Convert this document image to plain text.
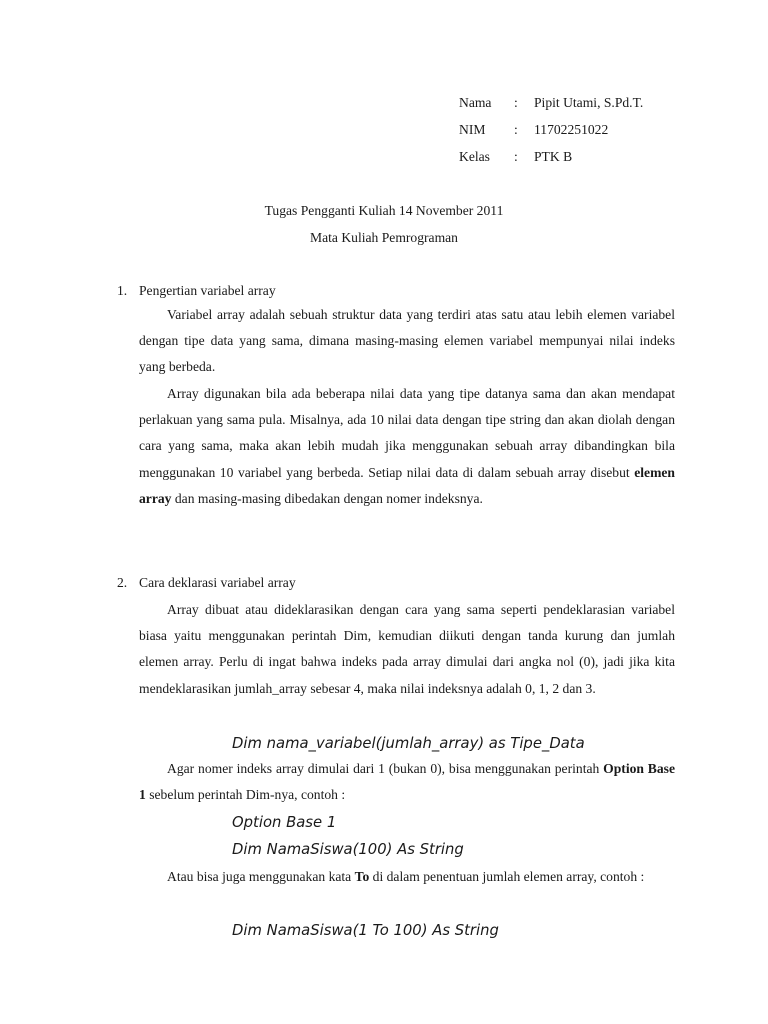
Nama : Pipit Utami, S.Pd.T.
NIM : 11702251022
Kelas : PTK B
Tugas Pengganti Kuliah 14 November 2011
Mata Kuliah Pemrograman
1. Pengertian variabel array

Variabel array adalah sebuah struktur data yang terdiri atas satu atau lebih elemen variabel dengan tipe data yang sama, dimana masing-masing elemen variabel mempunyai nilai indeks yang berbeda.

Array digunakan bila ada beberapa nilai data yang tipe datanya sama dan akan mendapat perlakuan yang sama pula. Misalnya, ada 10 nilai data dengan tipe string dan akan diolah dengan cara yang sama, maka akan lebih mudah jika menggunakan sebuah array dibandingkan bila menggunakan 10 variabel yang berbeda. Setiap nilai data di dalam sebuah array disebut elemen array dan masing-masing dibedakan dengan nomer indeksnya.

2. Cara deklarasi variabel array

Array dibuat atau dideklarasikan dengan cara yang sama seperti pendeklarasian variabel biasa yaitu menggunakan perintah Dim, kemudian diikuti dengan tanda kurung dan jumlah elemen array. Perlu di ingat bahwa indeks pada array dimulai dari angka nol (0), jadi jika kita mendeklarasikan jumlah_array sebesar 4, maka nilai indeksnya adalah 0, 1, 2 dan 3.

Dim nama_variabel(jumlah_array) as Tipe_Data

Agar nomer indeks array dimulai dari 1 (bukan 0), bisa menggunakan perintah Option Base 1 sebelum perintah Dim-nya, contoh :

Option Base 1
Dim NamaSiswa(100) As String

Atau bisa juga menggunakan kata To di dalam penentuan jumlah elemen array, contoh :

Dim NamaSiswa(1 To 100) As String
